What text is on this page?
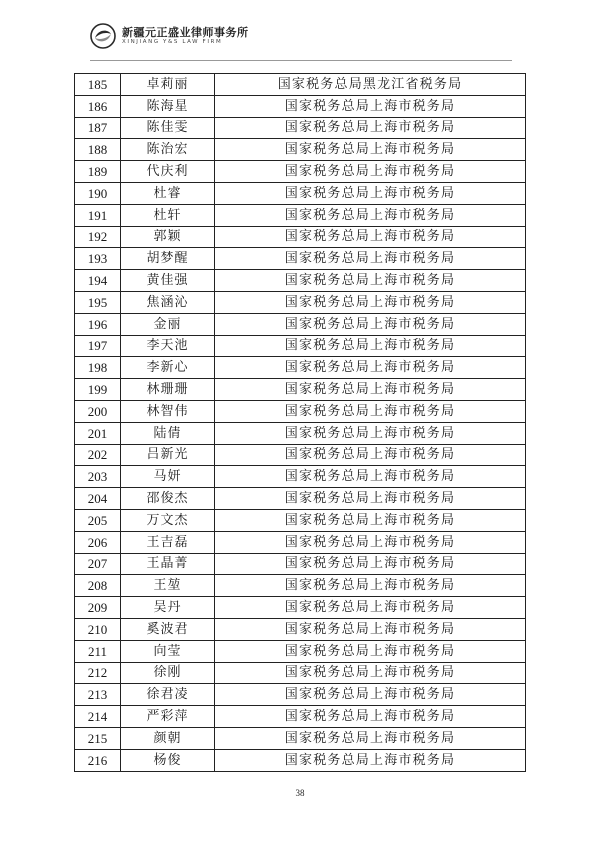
新疆元正盛业律师事务所
XINJIANG Y&S LAW FIRM
185	卓莉丽	国家税务总局黑龙江省税务局
186	陈海星	国家税务总局上海市税务局
187	陈佳雯	国家税务总局上海市税务局
188	陈治宏	国家税务总局上海市税务局
189	代庆利	国家税务总局上海市税务局
190	杜睿	国家税务总局上海市税务局
191	杜轩	国家税务总局上海市税务局
192	郭颖	国家税务总局上海市税务局
193	胡梦醒	国家税务总局上海市税务局
194	黄佳强	国家税务总局上海市税务局
195	焦涵沁	国家税务总局上海市税务局
196	金丽	国家税务总局上海市税务局
197	李天池	国家税务总局上海市税务局
198	李新心	国家税务总局上海市税务局
199	林珊珊	国家税务总局上海市税务局
200	林智伟	国家税务总局上海市税务局
201	陆倩	国家税务总局上海市税务局
202	吕新光	国家税务总局上海市税务局
203	马妍	国家税务总局上海市税务局
204	邵俊杰	国家税务总局上海市税务局
205	万文杰	国家税务总局上海市税务局
206	王吉磊	国家税务总局上海市税务局
207	王晶菁	国家税务总局上海市税务局
208	王堃	国家税务总局上海市税务局
209	吴丹	国家税务总局上海市税务局
210	奚波君	国家税务总局上海市税务局
211	向莹	国家税务总局上海市税务局
212	徐刚	国家税务总局上海市税务局
213	徐君凌	国家税务总局上海市税务局
214	严彩萍	国家税务总局上海市税务局
215	颜朝	国家税务总局上海市税务局
216	杨俊	国家税务总局上海市税务局
38
